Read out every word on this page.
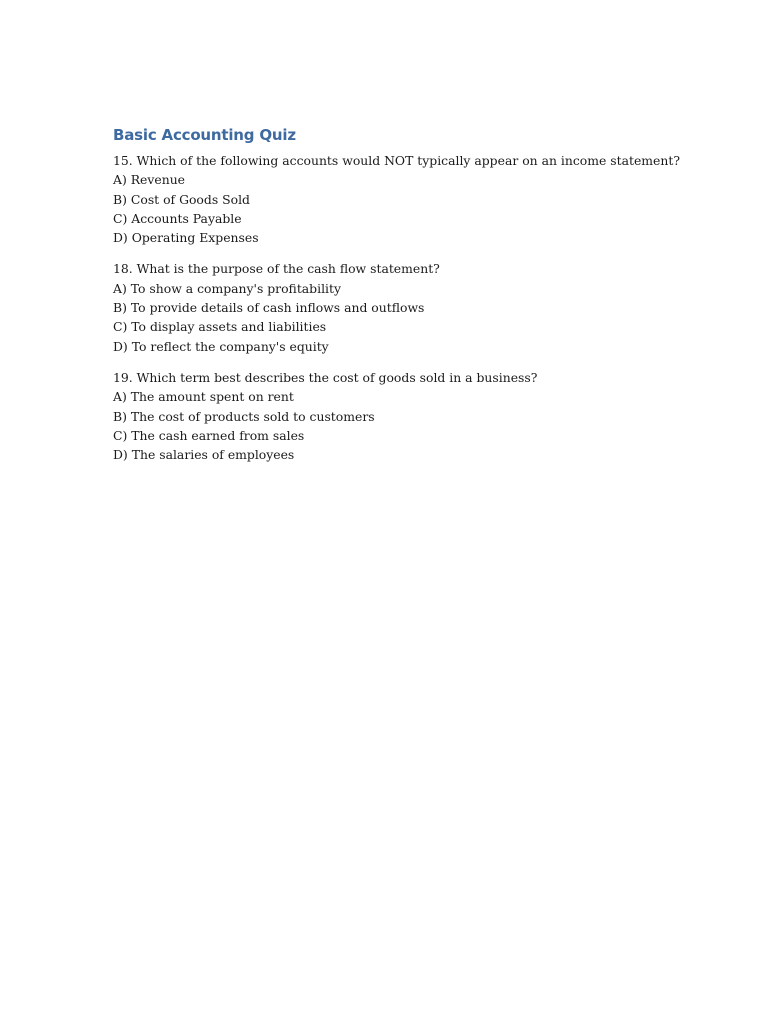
Basic Accounting Quiz

15. Which of the following accounts would NOT typically appear on an income statement?

A) Revenue

B) Cost of Goods Sold

C) Accounts Payable

D) Operating Expenses

18. What is the purpose of the cash flow statement?

A) To show a company's profitability

B) To provide details of cash inflows and outflows

C) To display assets and liabilities

D) To reflect the company's equity

19. Which term best describes the cost of goods sold in a business?

A) The amount spent on rent

B) The cost of products sold to customers

C) The cash earned from sales

D) The salaries of employees
